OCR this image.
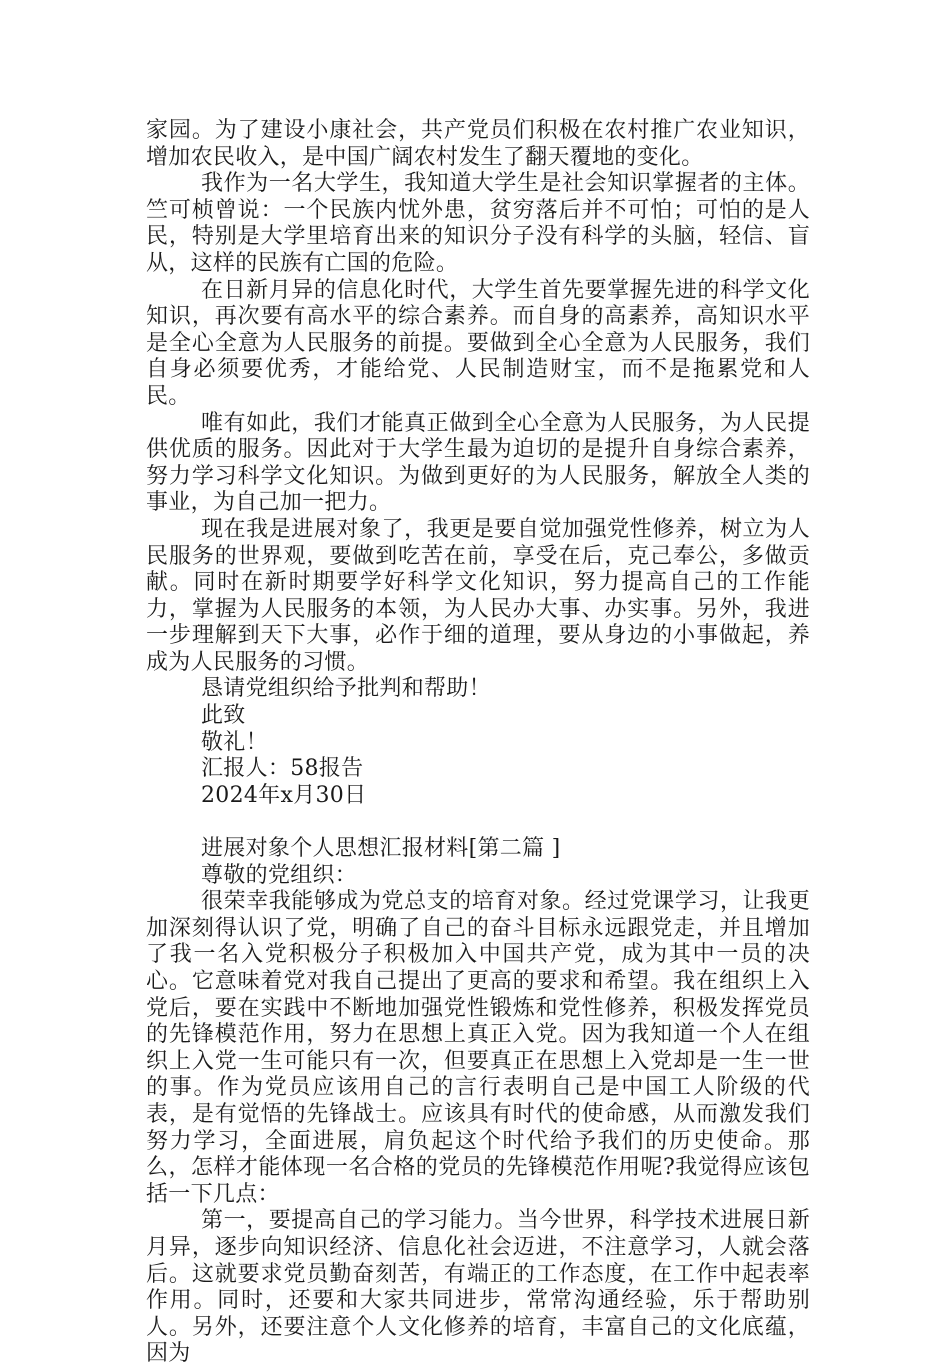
家园。为了建设小康社会，共产党员们积极在农村推广农业知识，增加农民收入，是中国广阔农村发生了翻天覆地的变化。

我作为一名大学生，我知道大学生是社会知识掌握者的主体。竺可桢曾说：一个民族内忧外患，贫穷落后并不可怕；可怕的是人民，特别是大学里培育出来的知识分子没有科学的头脑，轻信、盲从，这样的民族有亡国的危险。

在日新月异的信息化时代，大学生首先要掌握先进的科学文化知识，再次要有高水平的综合素养。而自身的高素养，高知识水平是全心全意为人民服务的前提。要做到全心全意为人民服务，我们自身必须要优秀，才能给党、人民制造财宝，而不是拖累党和人民。

唯有如此，我们才能真正做到全心全意为人民服务，为人民提供优质的服务。因此对于大学生最为迫切的是提升自身综合素养，努力学习科学文化知识。为做到更好的为人民服务，解放全人类的事业，为自己加一把力。

现在我是进展对象了，我更是要自觉加强党性修养，树立为人民服务的世界观，要做到吃苦在前，享受在后，克己奉公，多做贡献。同时在新时期要学好科学文化知识，努力提高自己的工作能力，掌握为人民服务的本领，为人民办大事、办实事。另外，我进一步理解到天下大事，必作于细的道理，要从身边的小事做起，养成为人民服务的习惯。

恳请党组织给予批判和帮助！

此致

敬礼！

汇报人：58报告

2024年x月30日

进展对象个人思想汇报材料[第二篇 ]

尊敬的党组织：

很荣幸我能够成为党总支的培育对象。经过党课学习，让我更加深刻得认识了党，明确了自己的奋斗目标永远跟党走，并且增加了我一名入党积极分子积极加入中国共产党，成为其中一员的决心。它意味着党对我自己提出了更高的要求和希望。我在组织上入党后，要在实践中不断地加强党性锻炼和党性修养，积极发挥党员的先锋模范作用，努力在思想上真正入党。因为我知道一个人在组织上入党一生可能只有一次，但要真正在思想上入党却是一生一世的事。作为党员应该用自己的言行表明自己是中国工人阶级的代表，是有觉悟的先锋战士。应该具有时代的使命感，从而激发我们努力学习，全面进展，肩负起这个时代给予我们的历史使命。那么，怎样才能体现一名合格的党员的先锋模范作用呢?我觉得应该包括一下几点：

第一，要提高自己的学习能力。当今世界，科学技术进展日新月异，逐步向知识经济、信息化社会迈进，不注意学习，人就会落后。这就要求党员勤奋刻苦，有端正的工作态度，在工作中起表率作用。同时，还要和大家共同进步，常常沟通经验，乐于帮助别人。另外，还要注意个人文化修养的培育，丰富自己的文化底蕴，因为
